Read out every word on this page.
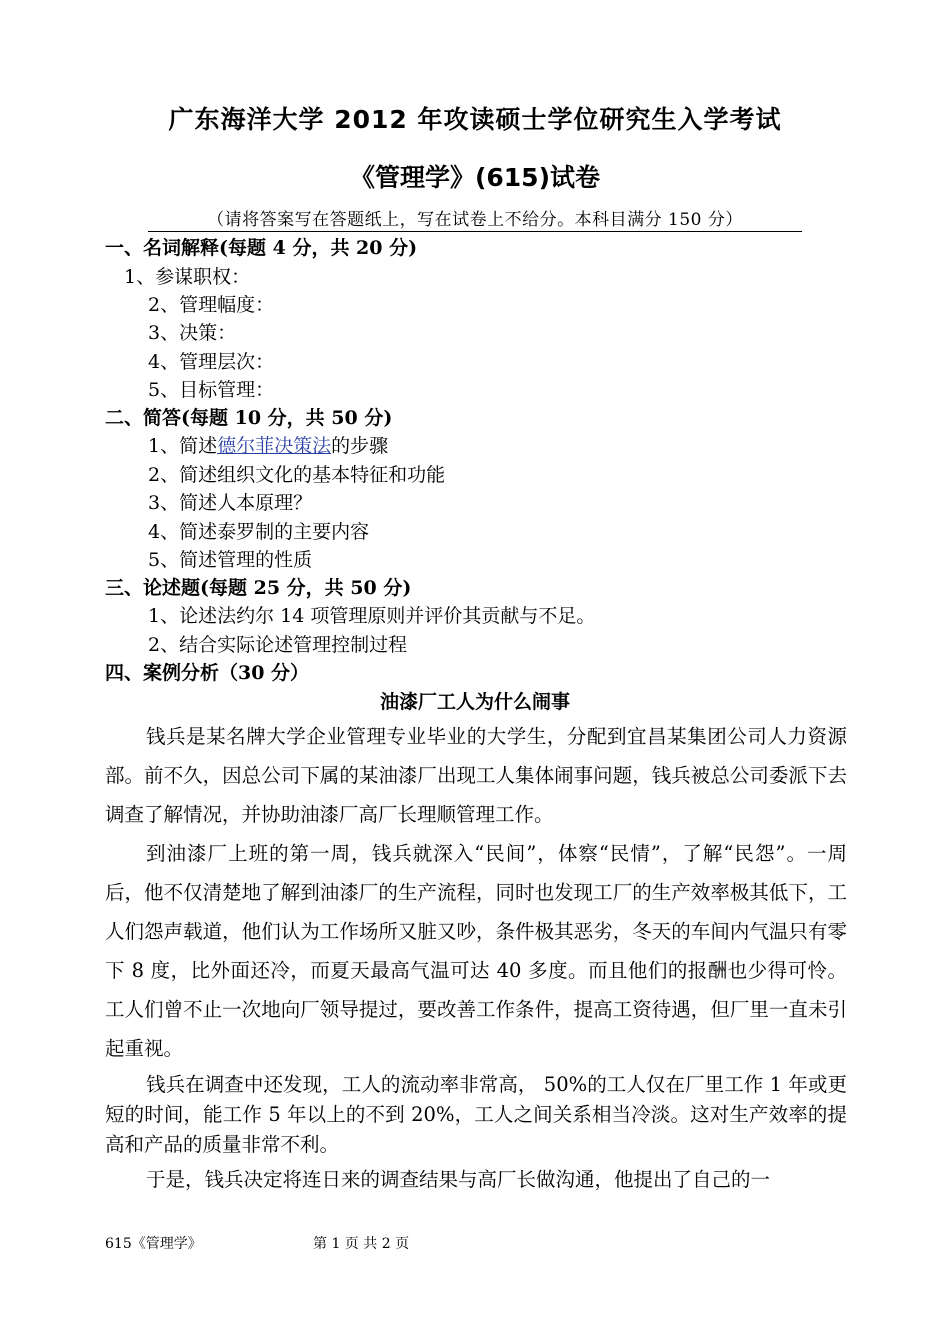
广东海洋大学 2012 年攻读硕士学位研究生入学考试
《管理学》(615)试卷
（请将答案写在答题纸上，写在试卷上不给分。本科目满分 150 分）
一、名词解释(每题 4 分，共 20 分)
1、参谋职权：
2、管理幅度：
3、决策：
4、管理层次：
5、目标管理：
二、简答(每题 10 分，共 50 分)
1、简述德尔菲决策法的步骤
2、简述组织文化的基本特征和功能
3、简述人本原理？
4、简述泰罗制的主要内容
5、简述管理的性质
三、论述题(每题 25 分，共 50 分)
1、论述法约尔 14 项管理原则并评价其贡献与不足。
2、结合实际论述管理控制过程
四、案例分析（30 分）
油漆厂工人为什么闹事
钱兵是某名牌大学企业管理专业毕业的大学生，分配到宜昌某集团公司人力资源部。前不久，因总公司下属的某油漆厂出现工人集体闹事问题，钱兵被总公司委派下去调查了解情况，并协助油漆厂高厂长理顺管理工作。
到油漆厂上班的第一周，钱兵就深入“民间”，体察“民情”，了解“民怨”。一周后，他不仅清楚地了解到油漆厂的生产流程，同时也发现工厂的生产效率极其低下，工人们怨声载道，他们认为工作场所又脏又吵，条件极其恶劣，冬天的车间内气温只有零下 8 度，比外面还冷，而夏天最高气温可达 40 多度。而且他们的报酬也少得可怜。工人们曾不止一次地向厂领导提过，要改善工作条件，提高工资待遇，但厂里一直未引起重视。
钱兵在调查中还发现，工人的流动率非常高， 50%的工人仅在厂里工作 1 年或更短的时间，能工作 5 年以上的不到 20%，工人之间关系相当冷淡。这对生产效率的提高和产品的质量非常不利。
于是，钱兵决定将连日来的调查结果与高厂长做沟通，他提出了自己的一
615《管理学》	第 1 页 共 2 页
